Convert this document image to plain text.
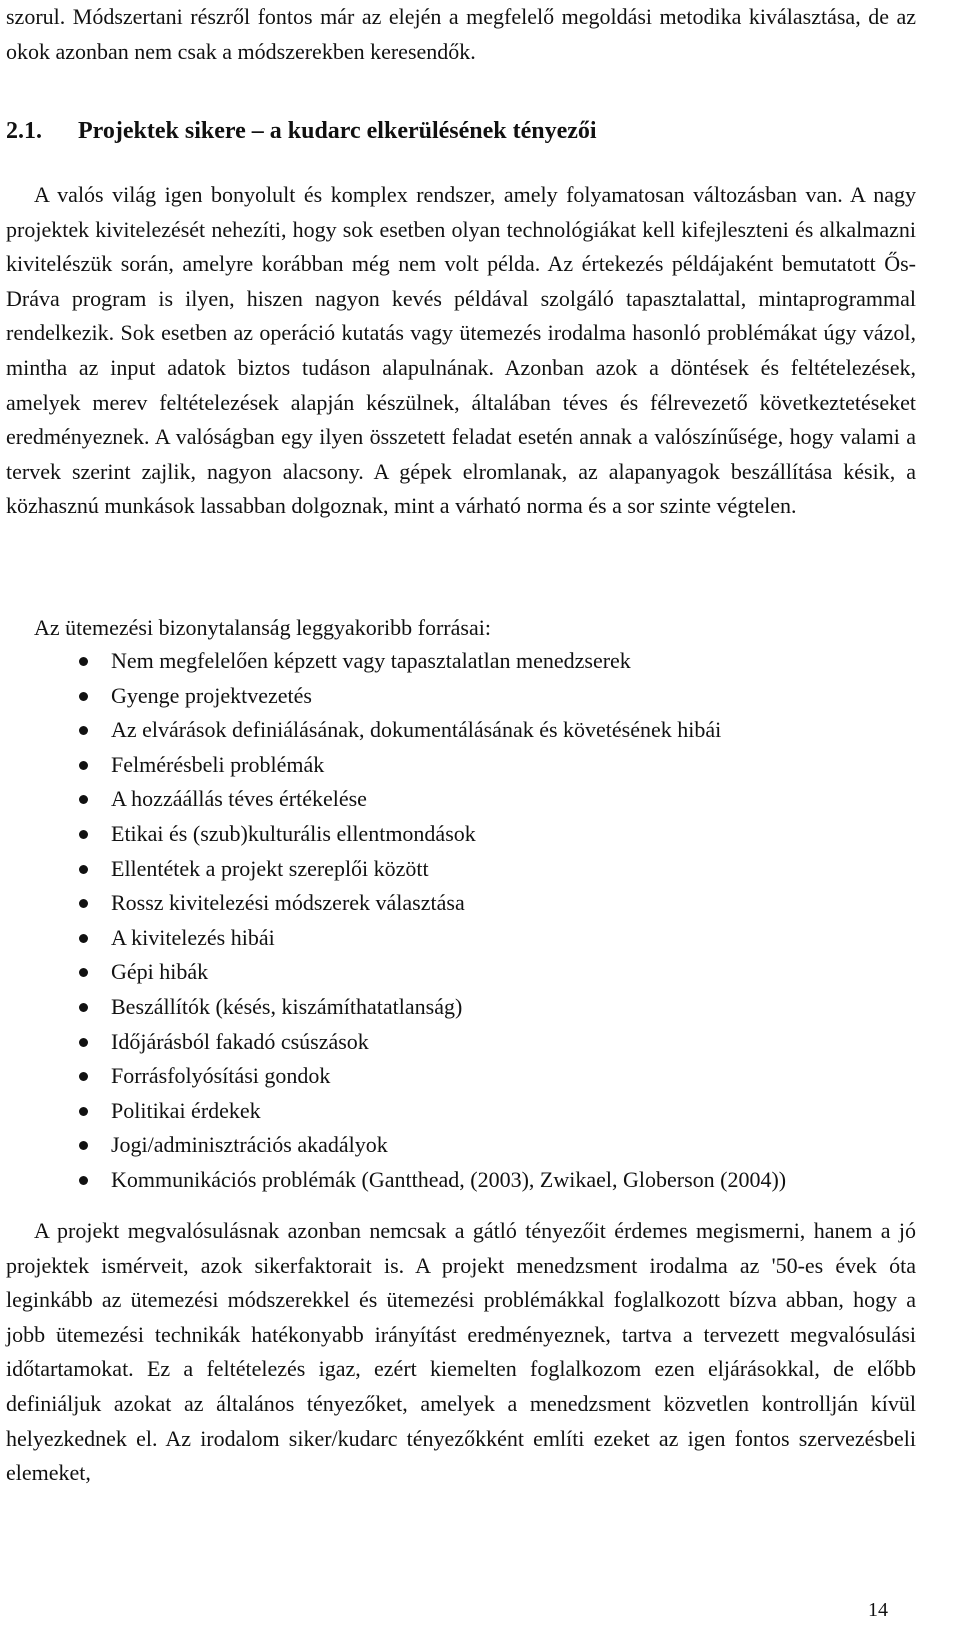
szorul. Módszertani részről fontos már az elején a megfelelő megoldási metodika kiválasztása, de az okok azonban nem csak a módszerekben keresendők.

2.1. Projektek sikere – a kudarc elkerülésének tényezői

A valós világ igen bonyolult és komplex rendszer, amely folyamatosan változásban van. A nagy projektek kivitelezését nehezíti, hogy sok esetben olyan technológiákat kell kifejleszteni és alkalmazni kivitelészük során, amelyre korábban még nem volt példa. Az értekezés példájaként bemutatott Ős-Dráva program is ilyen, hiszen nagyon kevés példával szolgáló tapasztalattal, mintaprogrammal rendelkezik. Sok esetben az operáció kutatás vagy ütemezés irodalma hasonló problémákat úgy vázol, mintha az input adatok biztos tudáson alapulnának. Azonban azok a döntések és feltételezések, amelyek merev feltételezések alapján készülnek, általában téves és félrevezető következtetéseket eredményeznek. A valóságban egy ilyen összetett feladat esetén annak a valószínűsége, hogy valami a tervek szerint zajlik, nagyon alacsony. A gépek elromlanak, az alapanyagok beszállítása késik, a közhasznú munkások lassabban dolgoznak, mint a várható norma és a sor szinte végtelen.

Az ütemezési bizonytalanság leggyakoribb forrásai:
Nem megfelelően képzett vagy tapasztalatlan menedzserek
Gyenge projektvezetés
Az elvárások definiálásának, dokumentálásának és követésének hibái
Felmérésbeli problémák
A hozzáállás téves értékelése
Etikai és (szub)kulturális ellentmondások
Ellentétek a projekt szereplői között
Rossz kivitelezési módszerek választása
A kivitelezés hibái
Gépi hibák
Beszállítók (késés, kiszámíthatatlanság)
Időjárásból fakadó csúszások
Forrásfolyósítási gondok
Politikai érdekek
Jogi/adminisztrációs akadályok
Kommunikációs problémák (Gantthead, (2003), Zwikael, Globerson (2004))

A projekt megvalósulásnak azonban nemcsak a gátló tényezőit érdemes megismerni, hanem a jó projektek ismérveit, azok sikerfaktorait is. A projekt menedzsment irodalma az '50-es évek óta leginkább az ütemezési módszerekkel és ütemezési problémákkal foglalkozott bízva abban, hogy a jobb ütemezési technikák hatékonyabb irányítást eredményeznek, tartva a tervezett megvalósulási időtartamokat. Ez a feltételezés igaz, ezért kiemelten foglalkozom ezen eljárásokkal, de előbb definiáljuk azokat az általános tényezőket, amelyek a menedzsment közvetlen kontrollján kívül helyezkednek el. Az irodalom siker/kudarc tényezőkként említi ezeket az igen fontos szervezésbeli elemeket,

14
